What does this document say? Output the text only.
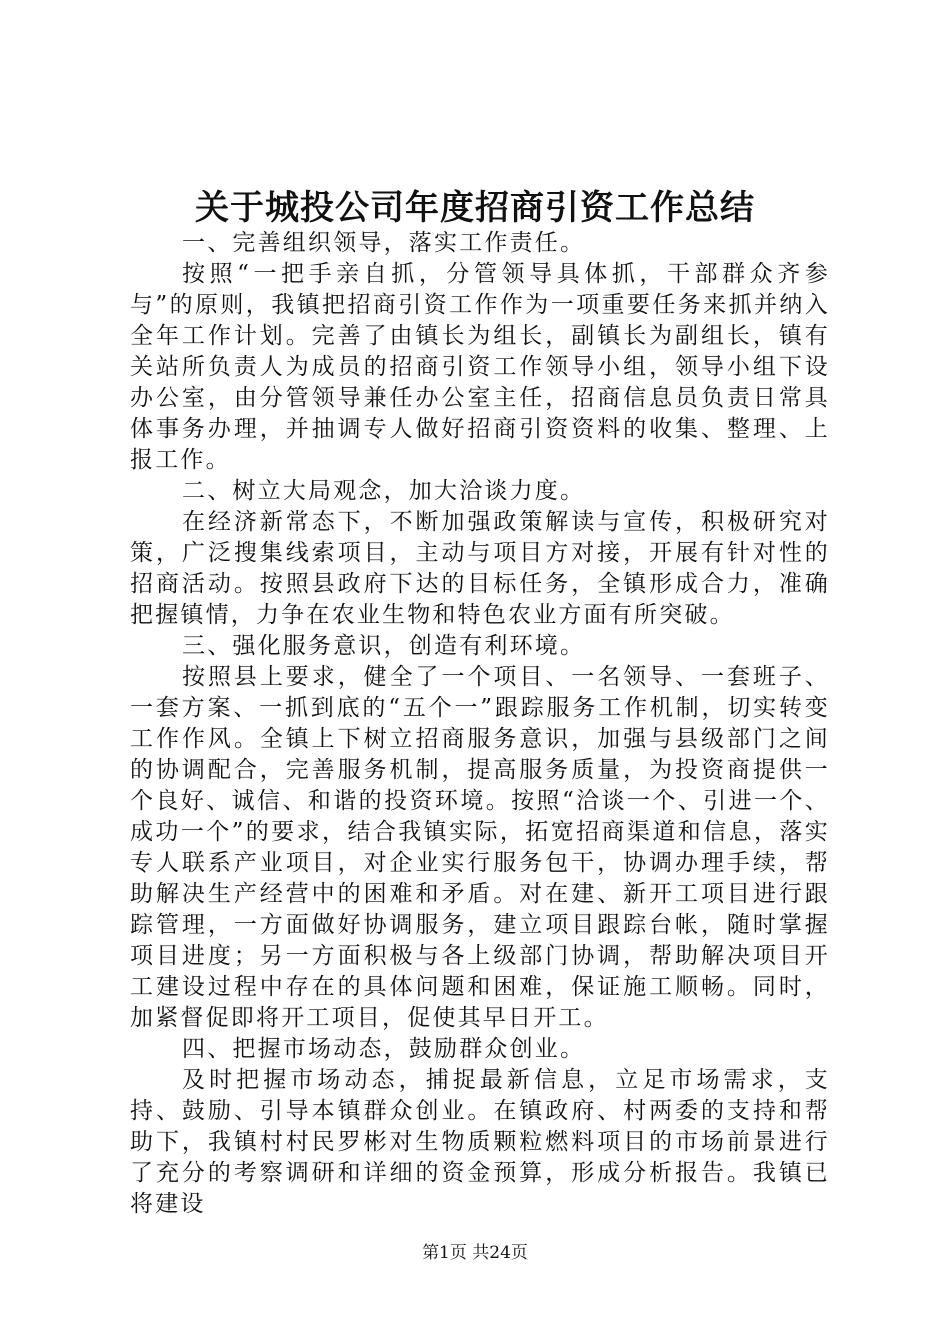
关于城投公司年度招商引资工作总结

一、完善组织领导，落实工作责任。

按照“一把手亲自抓，分管领导具体抓，干部群众齐参与”的原则，我镇把招商引资工作作为一项重要任务来抓并纳入全年工作计划。完善了由镇长为组长，副镇长为副组长，镇有关站所负责人为成员的招商引资工作领导小组，领导小组下设办公室，由分管领导兼任办公室主任，招商信息员负责日常具体事务办理，并抽调专人做好招商引资资料的收集、整理、上报工作。

二、树立大局观念，加大洽谈力度。

在经济新常态下，不断加强政策解读与宣传，积极研究对策，广泛搜集线索项目，主动与项目方对接，开展有针对性的招商活动。按照县政府下达的目标任务，全镇形成合力，准确把握镇情，力争在农业生物和特色农业方面有所突破。

三、强化服务意识，创造有利环境。

按照县上要求，健全了一个项目、一名领导、一套班子、一套方案、一抓到底的“五个一”跟踪服务工作机制，切实转变工作作风。全镇上下树立招商服务意识，加强与县级部门之间的协调配合，完善服务机制，提高服务质量，为投资商提供一个良好、诚信、和谐的投资环境。按照“洽谈一个、引进一个、成功一个”的要求，结合我镇实际，拓宽招商渠道和信息，落实专人联系产业项目，对企业实行服务包干，协调办理手续，帮助解决生产经营中的困难和矛盾。对在建、新开工项目进行跟踪管理，一方面做好协调服务，建立项目跟踪台帐，随时掌握项目进度；另一方面积极与各上级部门协调，帮助解决项目开工建设过程中存在的具体问题和困难，保证施工顺畅。同时，加紧督促即将开工项目，促使其早日开工。

四、把握市场动态，鼓励群众创业。

及时把握市场动态，捕捉最新信息，立足市场需求，支持、鼓励、引导本镇群众创业。在镇政府、村两委的支持和帮助下，我镇村村民罗彬对生物质颗粒燃料项目的市场前景进行了充分的考察调研和详细的资金预算，形成分析报告。我镇已将建设

第1页 共24页
